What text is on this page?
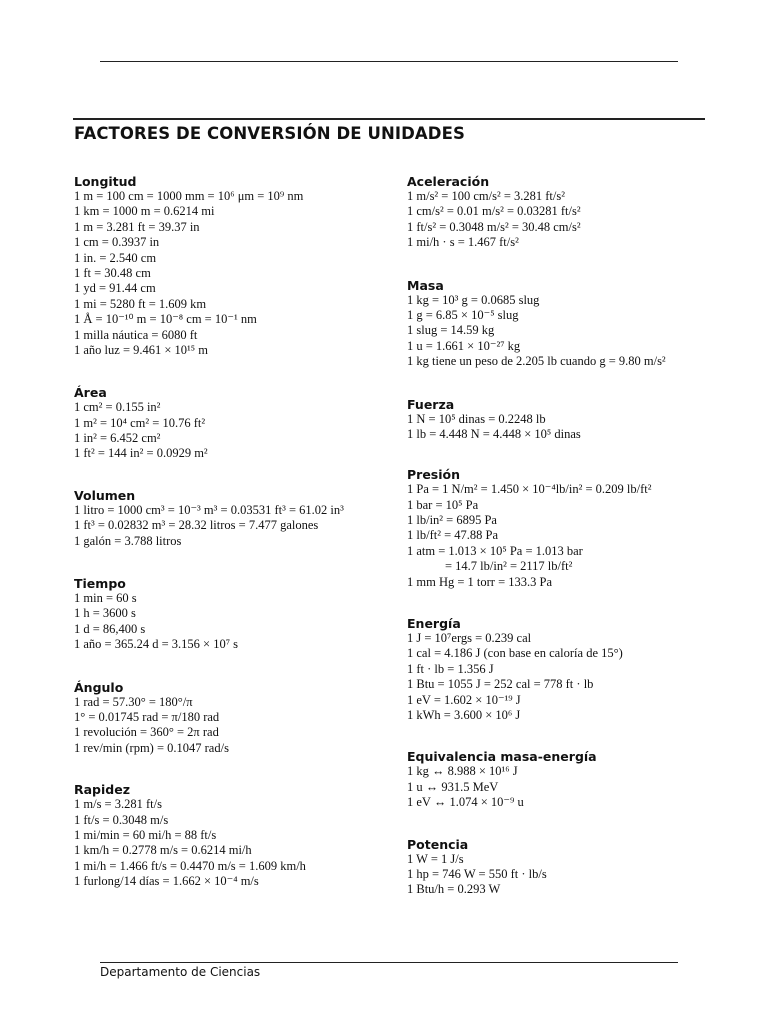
FACTORES DE CONVERSIÓN DE UNIDADES
Longitud
1 m = 100 cm = 1000 mm = 10⁶ μm = 10⁹ nm
1 km = 1000 m = 0.6214 mi
1 m = 3.281 ft = 39.37 in
1 cm = 0.3937 in
1 in. = 2.540 cm
1 ft = 30.48 cm
1 yd = 91.44 cm
1 mi = 5280 ft = 1.609 km
1 Å = 10⁻¹⁰ m = 10⁻⁸ cm = 10⁻¹ nm
1 milla náutica = 6080 ft
1 año luz = 9.461 × 10¹⁵ m
Área
1 cm² = 0.155 in²
1 m² = 10⁴ cm² = 10.76 ft²
1 in² = 6.452 cm²
1 ft² = 144 in² = 0.0929 m²
Volumen
1 litro = 1000 cm³ = 10⁻³ m³ = 0.03531 ft³ = 61.02 in³
1 ft³ = 0.02832 m³ = 28.32 litros = 7.477 galones
1 galón = 3.788 litros
Tiempo
1 min = 60 s
1 h = 3600 s
1 d = 86,400 s
1 año = 365.24 d = 3.156 × 10⁷ s
Ángulo
1 rad = 57.30° = 180°/π
1° = 0.01745 rad = π/180 rad
1 revolución = 360° = 2π rad
1 rev/min (rpm) = 0.1047 rad/s
Rapidez
1 m/s = 3.281 ft/s
1 ft/s = 0.3048 m/s
1 mi/min = 60 mi/h = 88 ft/s
1 km/h = 0.2778 m/s = 0.6214 mi/h
1 mi/h = 1.466 ft/s = 0.4470 m/s = 1.609 km/h
1 furlong/14 días = 1.662 × 10⁻⁴ m/s
Aceleración
1 m/s² = 100 cm/s² = 3.281 ft/s²
1 cm/s² = 0.01 m/s² = 0.03281 ft/s²
1 ft/s² = 0.3048 m/s² = 30.48 cm/s²
1 mi/h · s = 1.467 ft/s²
Masa
1 kg = 10³ g = 0.0685 slug
1 g = 6.85 × 10⁻⁵ slug
1 slug = 14.59 kg
1 u = 1.661 × 10⁻²⁷ kg
1 kg tiene un peso de 2.205 lb cuando g = 9.80 m/s²
Fuerza
1 N = 10⁵ dinas = 0.2248 lb
1 lb = 4.448 N = 4.448 × 10⁵ dinas
Presión
1 Pa = 1 N/m² = 1.450 × 10⁻⁴lb/in² = 0.209 lb/ft²
1 bar = 10⁵ Pa
1 lb/in² = 6895 Pa
1 lb/ft² = 47.88 Pa
1 atm = 1.013 × 10⁵ Pa = 1.013 bar
= 14.7 lb/in² = 2117 lb/ft²
1 mm Hg = 1 torr = 133.3 Pa
Energía
1 J = 10⁷ergs = 0.239 cal
1 cal = 4.186 J (con base en caloría de 15°)
1 ft · lb = 1.356 J
1 Btu = 1055 J = 252 cal = 778 ft · lb
1 eV = 1.602 × 10⁻¹⁹ J
1 kWh = 3.600 × 10⁶ J
Equivalencia masa-energía
1 kg ↔ 8.988 × 10¹⁶ J
1 u ↔ 931.5 MeV
1 eV ↔ 1.074 × 10⁻⁹ u
Potencia
1 W = 1 J/s
1 hp = 746 W = 550 ft · lb/s
1 Btu/h = 0.293 W
Departamento de Ciencias
